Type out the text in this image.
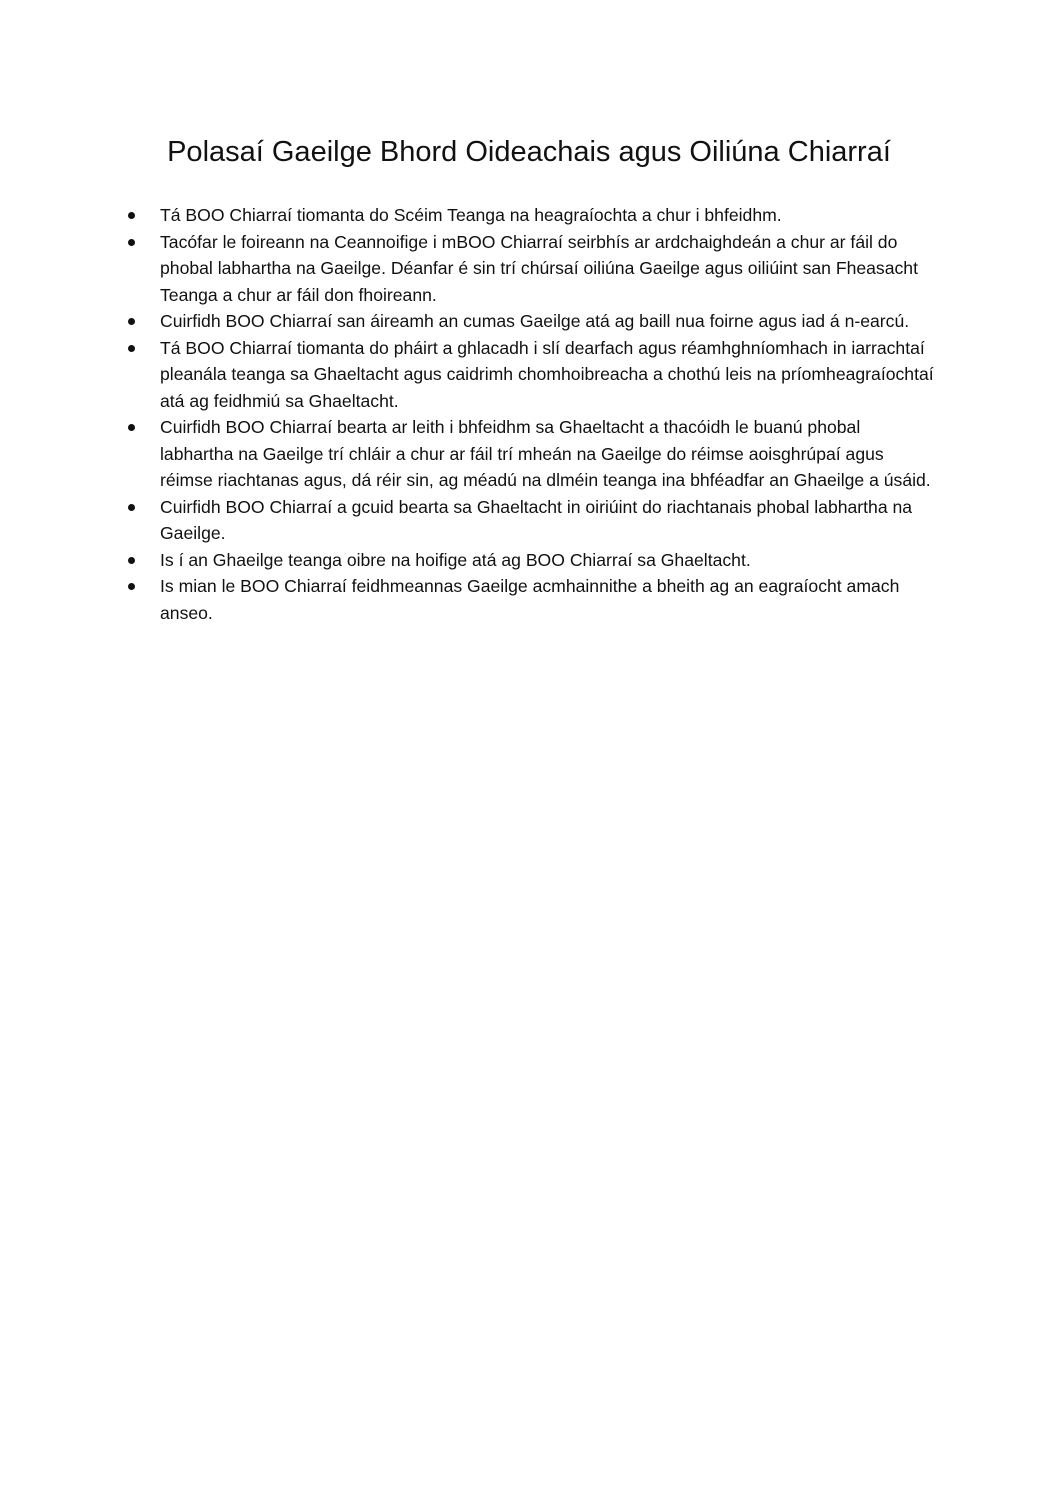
Polasaí Gaeilge Bhord Oideachais agus Oiliúna Chiarraí
Tá BOO Chiarraí tiomanta do Scéim Teanga na heagraíochta a chur i bhfeidhm.
Tacófar le foireann na Ceannoifige i mBOO Chiarraí seirbhís ar ardchaighdeán a chur ar fáil do phobal labhartha na Gaeilge. Déanfar é sin trí chúrsaí oiliúna Gaeilge agus oiliúint san Fheasacht Teanga a chur ar fáil don fhoireann.
Cuirfidh BOO Chiarraí san áireamh an cumas Gaeilge atá ag baill nua foirne agus iad á n-earcú.
Tá BOO Chiarraí tiomanta do pháirt a ghlacadh i slí dearfach agus réamhghníomhach in iarrachtaí pleanála teanga sa Ghaeltacht agus caidrimh chomhoibreacha a chothú leis na príomheagraíochtaí atá ag feidhmiú sa Ghaeltacht.
Cuirfidh BOO Chiarraí bearta ar leith i bhfeidhm sa Ghaeltacht a thacóidh le buanú phobal labhartha na Gaeilge trí chláir a chur ar fáil trí mheán na Gaeilge do réimse aoisghrúpaí agus réimse riachtanas agus, dá réir sin, ag méadú na dlméin teanga ina bhféadfar an Ghaeilge a úsáid.
Cuirfidh BOO Chiarraí a gcuid bearta sa Ghaeltacht in oiriúint do riachtanais phobal labhartha na Gaeilge.
Is í an Ghaeilge teanga oibre na hoifige atá ag BOO Chiarraí sa Ghaeltacht.
Is mian le BOO Chiarraí feidhmeannas Gaeilge acmhainnithe a bheith ag an eagraíocht amach anseo.
